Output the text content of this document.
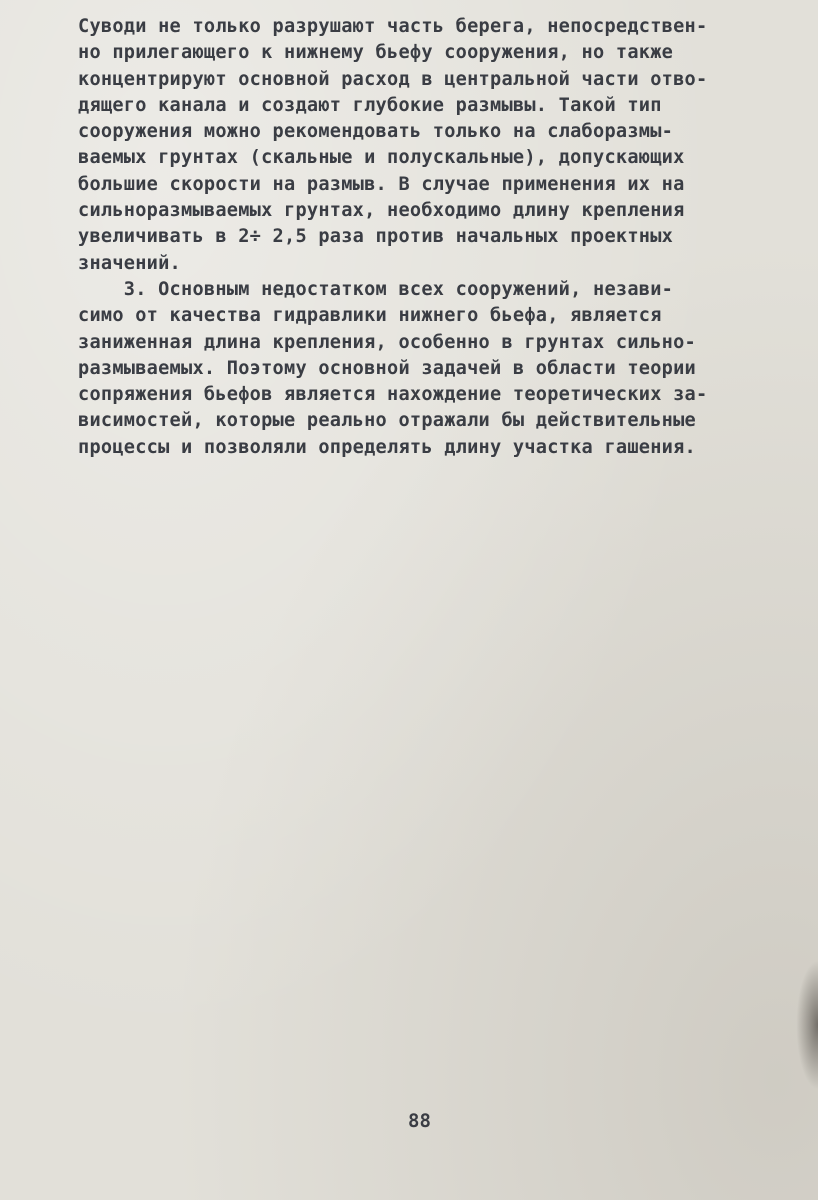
Суводи не только разрушают часть берега, непосредствен-
но прилегающего к нижнему бьефу сооружения, но также
концентрируют основной расход в центральной части отво-
дящего канала и создают глубокие размывы. Такой тип
сооружения можно рекомендовать только на слаборазмы-
ваемых грунтах (скальные и полускальные), допускающих
большие скорости на размыв. В случае применения их на
сильноразмываемых грунтах, необходимо длину крепления
увеличивать в 2÷ 2,5 раза против начальных проектных
значений.
3. Основным недостатком всех сооружений, незави-
симо от качества гидравлики нижнего бьефа, является
заниженная длина крепления, особенно в грунтах сильно-
размываемых. Поэтому основной задачей в области теории
сопряжения бьефов является нахождение теоретических за-
висимостей, которые реально отражали бы действительные
процессы и позволяли определять длину участка гашения.
88
